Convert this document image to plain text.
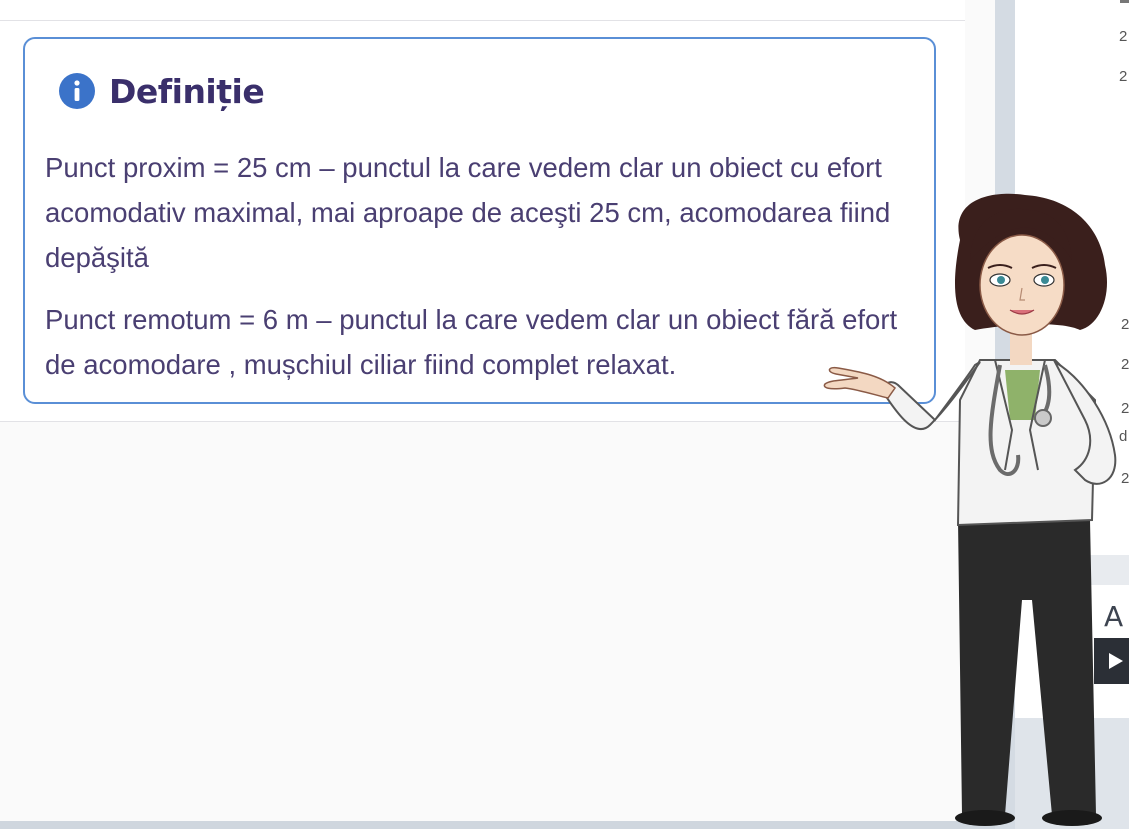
Definiție

Punct proxim = 25 cm – punctul la care vedem clar un obiect cu efort acomodativ maximal, mai aproape de aceşti 25 cm, acomodarea fiind depăşită

Punct remotum = 6 m – punctul la care vedem clar un obiect fără efort de acomodare , mușchiul ciliar fiind complet relaxat.

2
2
2
2
2
d
2
A
